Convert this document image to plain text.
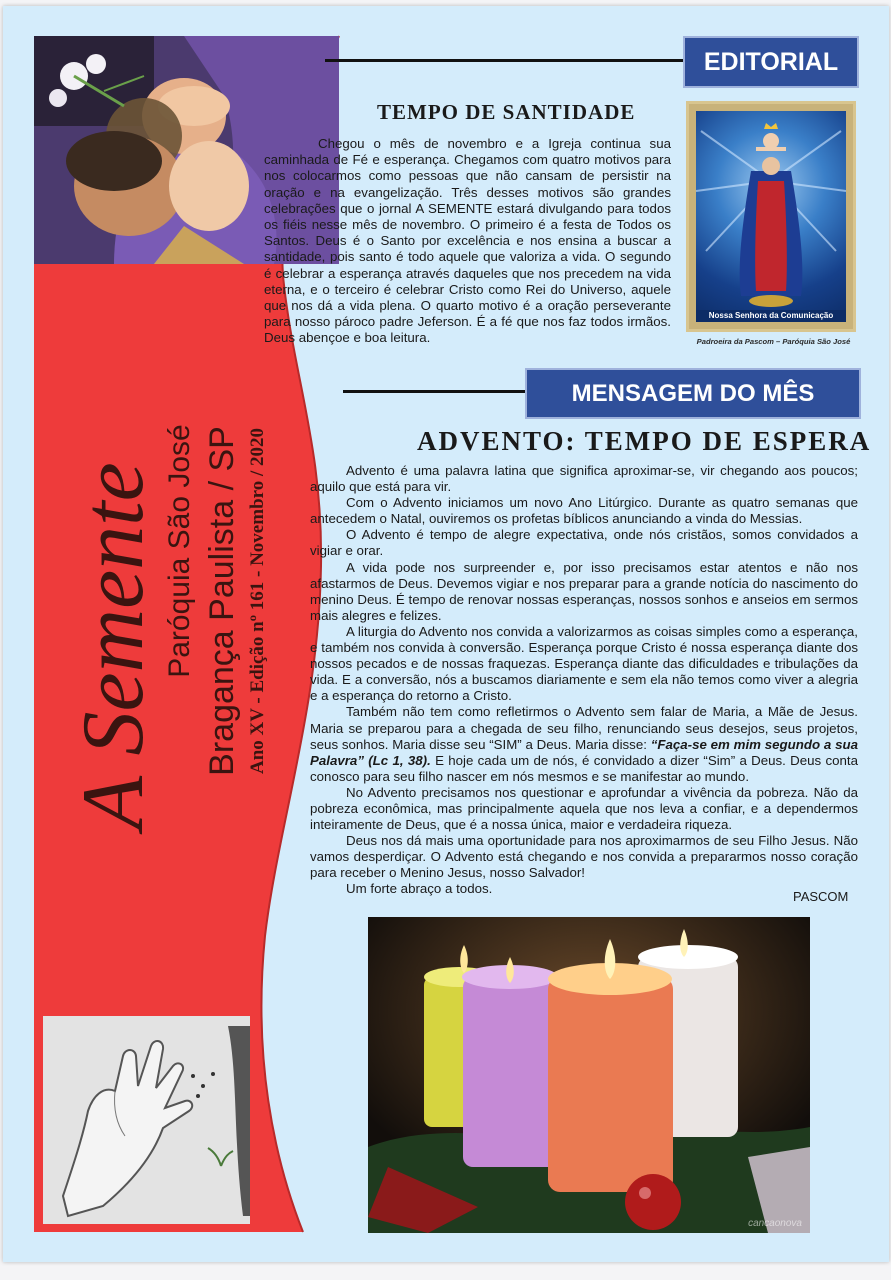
A Semente Paróquia São José Bragança Paulista / SP Ano XV - Edição nº 161 - Novembro / 2020
EDITORIAL
TEMPO DE SANTIDADE

Chegou o mês de novembro e a Igreja continua sua caminhada de Fé e esperança. Chegamos com quatro motivos para nos colocarmos como pessoas que não cansam de persistir na oração e na evangelização. Três desses motivos são grandes celebrações que o jornal A SEMENTE estará divulgando para todos os fiéis nesse mês de novembro. O primeiro é a festa de Todos os Santos. Deus é o Santo por excelência e nos ensina a buscar a santidade, pois santo é todo aquele que valoriza a vida. O segundo é celebrar a esperança através daqueles que nos precedem na vida eterna, e o terceiro é celebrar Cristo como Rei do Universo, aquele que nos dá a vida plena. O quarto motivo é a oração perseverante para nosso pároco padre Jeferson. É a fé que nos faz todos irmãos. Deus abençoe e boa leitura.

Nossa Senhora da Comunicação
Padroeira da Pascom – Paróquia São José
MENSAGEM DO MÊS
ADVENTO: TEMPO DE ESPERA

Advento é uma palavra latina que significa aproximar-se, vir chegando aos poucos; aquilo que está para vir.

Com o Advento iniciamos um novo Ano Litúrgico. Durante as quatro semanas que antecedem o Natal, ouviremos os profetas bíblicos anunciando a vinda do Messias.

O Advento é tempo de alegre expectativa, onde nós cristãos, somos convidados a vigiar e orar.

A vida pode nos surpreender e, por isso precisamos estar atentos e não nos afastarmos de Deus. Devemos vigiar e nos preparar para a grande notícia do nascimento do menino Deus. É tempo de renovar nossas esperanças, nossos sonhos e anseios em sermos mais alegres e felizes.

A liturgia do Advento nos convida a valorizarmos as coisas simples como a esperança, e também nos convida à conversão. Esperança porque Cristo é nossa esperança diante dos nossos pecados e de nossas fraquezas. Esperança diante das dificuldades e tribulações da vida. E a conversão, nós a buscamos diariamente e sem ela não temos como viver a alegria e a esperança do retorno a Cristo.

Também não tem como refletirmos o Advento sem falar de Maria, a Mãe de Jesus. Maria se preparou para a chegada de seu filho, renunciando seus desejos, seus projetos, seus sonhos. Maria disse seu “SIM” a Deus. Maria disse: “Faça-se em mim segundo a sua Palavra” (Lc 1, 38). E hoje cada um de nós, é convidado a dizer “Sim” a Deus. Deus conta conosco para seu filho nascer em nós mesmos e se manifestar ao mundo.

No Advento precisamos nos questionar e aprofundar a vivência da pobreza. Não da pobreza econômica, mas principalmente aquela que nos leva a confiar, e a dependermos inteiramente de Deus, que é a nossa única, maior e verdadeira riqueza.

Deus nos dá mais uma oportunidade para nos aproximarmos de seu Filho Jesus. Não vamos desperdiçar. O Advento está chegando e nos convida a prepararmos nosso coração para receber o Menino Jesus, nosso Salvador!

Um forte abraço a todos.

PASCOM
cancaonova
